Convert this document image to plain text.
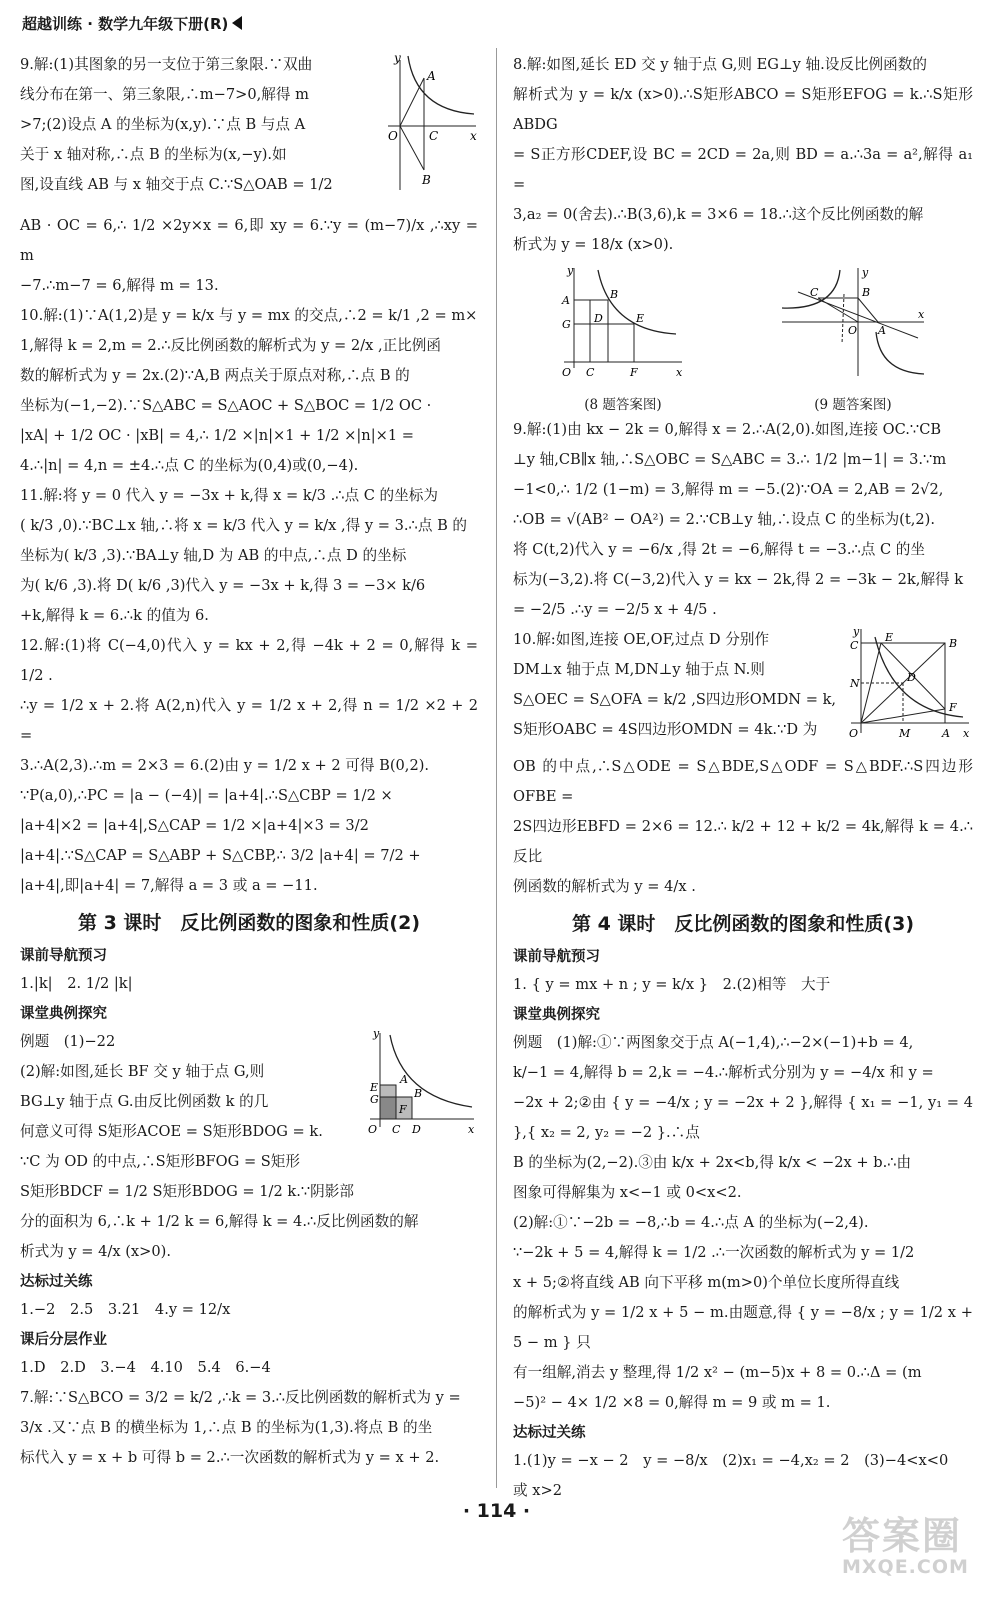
超越训练 · 数学九年级下册(R)

9.解:(1)其图象的另一支位于第三象限.∵双曲

线分布在第一、第三象限,∴m−7>0,解得 m

>7;(2)设点 A 的坐标为(x,y).∵点 B 与点 A

关于 x 轴对称,∴点 B 的坐标为(x,−y).如

图,设直线 AB 与 x 轴交于点 C.∵S△OAB = 1/2

y
x
O
A
C
B

AB · OC = 6,∴ 1/2 ×2y×x = 6,即 xy = 6.∵y = (m−7)/x ,∴xy = m

−7.∴m−7 = 6,解得 m = 13.

10.解:(1)∵A(1,2)是 y = k/x 与 y = mx 的交点,∴2 = k/1 ,2 = m×

1,解得 k = 2,m = 2.∴反比例函数的解析式为 y = 2/x ,正比例函

数的解析式为 y = 2x.(2)∵A,B 两点关于原点对称,∴点 B 的

坐标为(−1,−2).∵S△ABC = S△AOC + S△BOC = 1/2 OC ·

|xA| + 1/2 OC · |xB| = 4,∴ 1/2 ×|n|×1 + 1/2 ×|n|×1 =

4.∴|n| = 4,n = ±4.∴点 C 的坐标为(0,4)或(0,−4).

11.解:将 y = 0 代入 y = −3x + k,得 x = k/3 .∴点 C 的坐标为

( k/3 ,0).∵BC⊥x 轴,∴将 x = k/3 代入 y = k/x ,得 y = 3.∴点 B 的

坐标为( k/3 ,3).∵BA⊥y 轴,D 为 AB 的中点,∴点 D 的坐标

为( k/6 ,3).将 D( k/6 ,3)代入 y = −3x + k,得 3 = −3× k/6

+k,解得 k = 6.∴k 的值为 6.

12.解:(1)将 C(−4,0)代入 y = kx + 2,得 −4k + 2 = 0,解得 k = 1/2 .

∴y = 1/2 x + 2.将 A(2,n)代入 y = 1/2 x + 2,得 n = 1/2 ×2 + 2 =

3.∴A(2,3).∴m = 2×3 = 6.(2)由 y = 1/2 x + 2 可得 B(0,2).

∵P(a,0),∴PC = |a − (−4)| = |a+4|.∴S△CBP = 1/2 ×

|a+4|×2 = |a+4|,S△CAP = 1/2 ×|a+4|×3 = 3/2

|a+4|.∵S△CAP = S△ABP + S△CBP,∴ 3/2 |a+4| = 7/2 +

|a+4|,即|a+4| = 7,解得 a = 3 或 a = −11.

第 3 课时　反比例函数的图象和性质(2)
课前导航预习

1.|k|　2. 1/2 |k|

课堂典例探究

例题　(1)−22

(2)解:如图,延长 BF 交 y 轴于点 G,则

BG⊥y 轴于点 G.由反比例函数 k 的几

何意义可得 S矩形ACOE = S矩形BDOG = k.

∵C 为 OD 的中点,∴S矩形BFOG = S矩形

S矩形BDCF = 1/2 S矩形BDOG = 1/2 k.∵阴影部

y
x
O
A
B
E
G
C D
F

分的面积为 6,∴k + 1/2 k = 6,解得 k = 4.∴反比例函数的解

析式为 y = 4/x (x>0).

达标过关练

1.−2　2.5　3.21　4.y = 12/x

课后分层作业

1.D　2.D　3.−4　4.10　5.4　6.−4

7.解:∵S△BCO = 3/2 = k/2 ,∴k = 3.∴反比例函数的解析式为 y =

3/x .又∵点 B 的横坐标为 1,∴点 B 的坐标为(1,3).将点 B 的坐

标代入 y = x + b 可得 b = 2.∴一次函数的解析式为 y = x + 2.

8.解:如图,延长 ED 交 y 轴于点 G,则 EG⊥y 轴.设反比例函数的

解析式为 y = k/x (x>0).∴S矩形ABCO = S矩形EFOG = k.∴S矩形ABDG

= S正方形CDEF,设 BC = 2CD = 2a,则 BD = a.∴3a = a²,解得 a₁ =

3,a₂ = 0(舍去).∴B(3,6),k = 3×6 = 18.∴这个反比例函数的解

析式为 y = 18/x (x>0).

y
x
O
A	B
G D	E
C	F
(8 题答案图)
y
x
C	B
A
O
(9 题答案图)

9.解:(1)由 kx − 2k = 0,解得 x = 2.∴A(2,0).如图,连接 OC.∵CB

⊥y 轴,CB∥x 轴,∴S△OBC = S△ABC = 3.∴ 1/2 |m−1| = 3.∵m

−1<0,∴ 1/2 (1−m) = 3,解得 m = −5.(2)∵OA = 2,AB = 2√2,

∴OB = √(AB² − OA²) = 2.∵CB⊥y 轴,∴设点 C 的坐标为(t,2).

将 C(t,2)代入 y = −6/x ,得 2t = −6,解得 t = −3.∴点 C 的坐

标为(−3,2).将 C(−3,2)代入 y = kx − 2k,得 2 = −3k − 2k,解得 k

= −2/5 .∴y = −2/5 x + 4/5 .

10.解:如图,连接 OE,OF,过点 D 分别作

DM⊥x 轴于点 M,DN⊥y 轴于点 N.则

S△OEC = S△OFA = k/2 ,S四边形OMDN = k,

S矩形OABC = 4S四边形OMDN = 4k.∵D 为

y
x
O
C
E	B
N	D
F
M	A

OB 的中点,∴S△ODE = S△BDE,S△ODF = S△BDF.∴S四边形OFBE =

2S四边形EBFD = 2×6 = 12.∴ k/2 + 12 + k/2 = 4k,解得 k = 4.∴反比

例函数的解析式为 y = 4/x .

第 4 课时　反比例函数的图象和性质(3)
课前导航预习

1. { y = mx + n ; y = k/x }　2.(2)相等　大于

课堂典例探究

例题　(1)解:①∵两图象交于点 A(−1,4),∴−2×(−1)+b = 4,

k/−1 = 4,解得 b = 2,k = −4.∴解析式分别为 y = −4/x 和 y =

−2x + 2;②由 { y = −4/x ; y = −2x + 2 },解得 { x₁ = −1, y₁ = 4 },{ x₂ = 2, y₂ = −2 }.∴点

B 的坐标为(2,−2).③由 k/x + 2x<b,得 k/x < −2x + b.∴由

图象可得解集为 x<−1 或 0<x<2.

(2)解:①∵−2b = −8,∴b = 4.∴点 A 的坐标为(−2,4).

∵−2k + 5 = 4,解得 k = 1/2 .∴一次函数的解析式为 y = 1/2

x + 5;②将直线 AB 向下平移 m(m>0)个单位长度所得直线

的解析式为 y = 1/2 x + 5 − m.由题意,得 { y = −8/x ; y = 1/2 x + 5 − m } 只

有一组解,消去 y 整理,得 1/2 x² − (m−5)x + 8 = 0.∴Δ = (m

−5)² − 4× 1/2 ×8 = 0,解得 m = 9 或 m = 1.

达标过关练

1.(1)y = −x − 2　y = −8/x　(2)x₁ = −4,x₂ = 2　(3)−4<x<0

或 x>2

· 114 ·
答案圈
MXQE.COM
